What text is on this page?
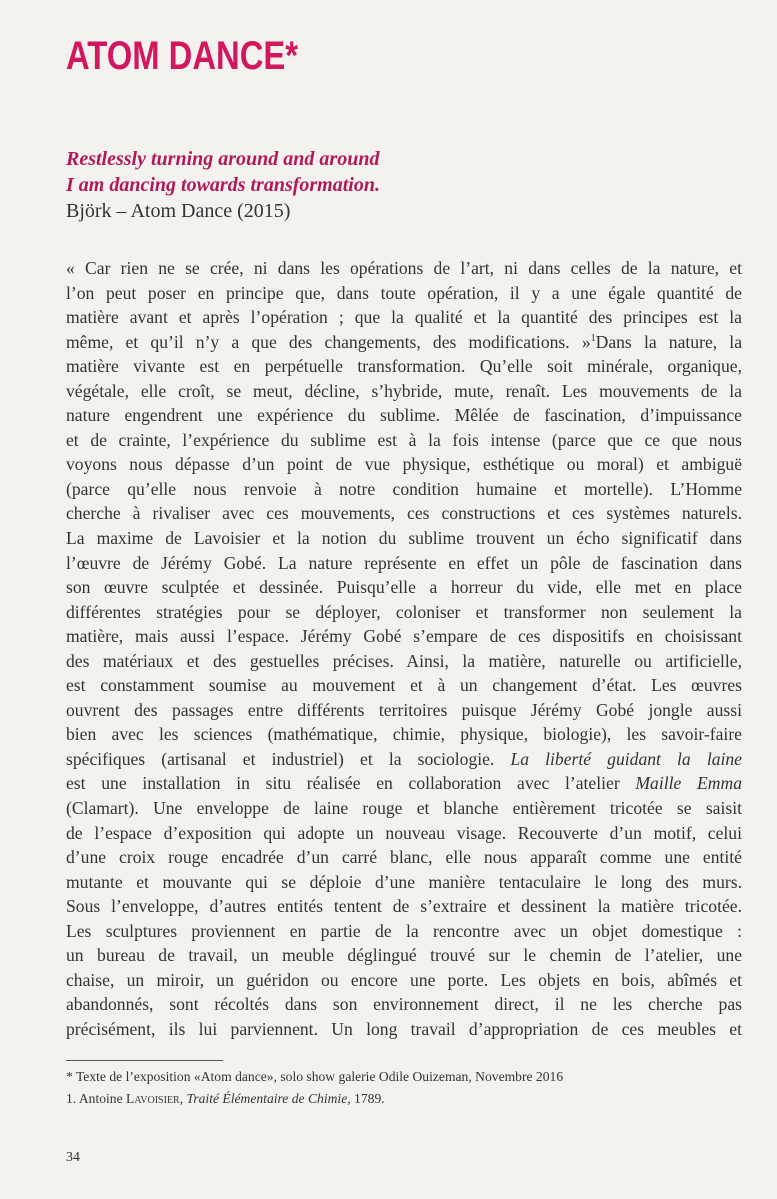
ATOM DANCE*
Restlessly turning around and around
I am dancing towards transformation.
Björk – Atom Dance (2015)
« Car rien ne se crée, ni dans les opérations de l’art, ni dans celles de la nature, et
l’on peut poser en principe que, dans toute opération, il y a une égale quantité de
matière avant et après l’opération ; que la qualité et la quantité des principes est la
même, et qu’il n’y a que des changements, des modifications. »$^1$Dans la nature, la
matière vivante est en perpétuelle transformation. Qu’elle soit minérale, organique,
végétale, elle croît, se meut, décline, s’hybride, mute, renaît. Les mouvements de la
nature engendrent une expérience du sublime. Mêlée de fascination, d’impuissance
et de crainte, l’expérience du sublime est à la fois intense (parce que ce que nous
voyons nous dépasse d’un point de vue physique, esthétique ou moral) et ambiguë
(parce qu’elle nous renvoie à notre condition humaine et mortelle). L’Homme
cherche à rivaliser avec ces mouvements, ces constructions et ces systèmes naturels.
La maxime de Lavoisier et la notion du sublime trouvent un écho significatif dans
l’œuvre de Jérémy Gobé. La nature représente en effet un pôle de fascination dans
son œuvre sculptée et dessinée. Puisqu’elle a horreur du vide, elle met en place
différentes stratégies pour se déployer, coloniser et transformer non seulement la
matière, mais aussi l’espace. Jérémy Gobé s’empare de ces dispositifs en choisissant
des matériaux et des gestuelles précises. Ainsi, la matière, naturelle ou artificielle,
est constamment soumise au mouvement et à un changement d’état. Les œuvres
ouvrent des passages entre différents territoires puisque Jérémy Gobé jongle aussi
bien avec les sciences (mathématique, chimie, physique, biologie), les savoir-faire
spécifiques (artisanal et industriel) et la sociologie. La liberté guidant la laine
est une installation in situ réalisée en collaboration avec l’atelier Maille Emma
(Clamart). Une enveloppe de laine rouge et blanche entièrement tricotée se saisit
de l’espace d’exposition qui adopte un nouveau visage. Recouverte d’un motif, celui
d’une croix rouge encadrée d’un carré blanc, elle nous apparaît comme une entité
mutante et mouvante qui se déploie d’une manière tentaculaire le long des murs.
Sous l’enveloppe, d’autres entités tentent de s’extraire et dessinent la matière tricotée.
Les sculptures proviennent en partie de la rencontre avec un objet domestique :
un bureau de travail, un meuble déglingué trouvé sur le chemin de l’atelier, une
chaise, un miroir, un guéridon ou encore une porte. Les objets en bois, abîmés et
abandonnés, sont récoltés dans son environnement direct, il ne les cherche pas
précisément, ils lui parviennent. Un long travail d’appropriation de ces meubles et
* Texte de l’exposition «Atom dance», solo show galerie Odile Ouizeman, Novembre 2016
1. Antoine Lavoisier, Traité Élémentaire de Chimie, 1789.
34
